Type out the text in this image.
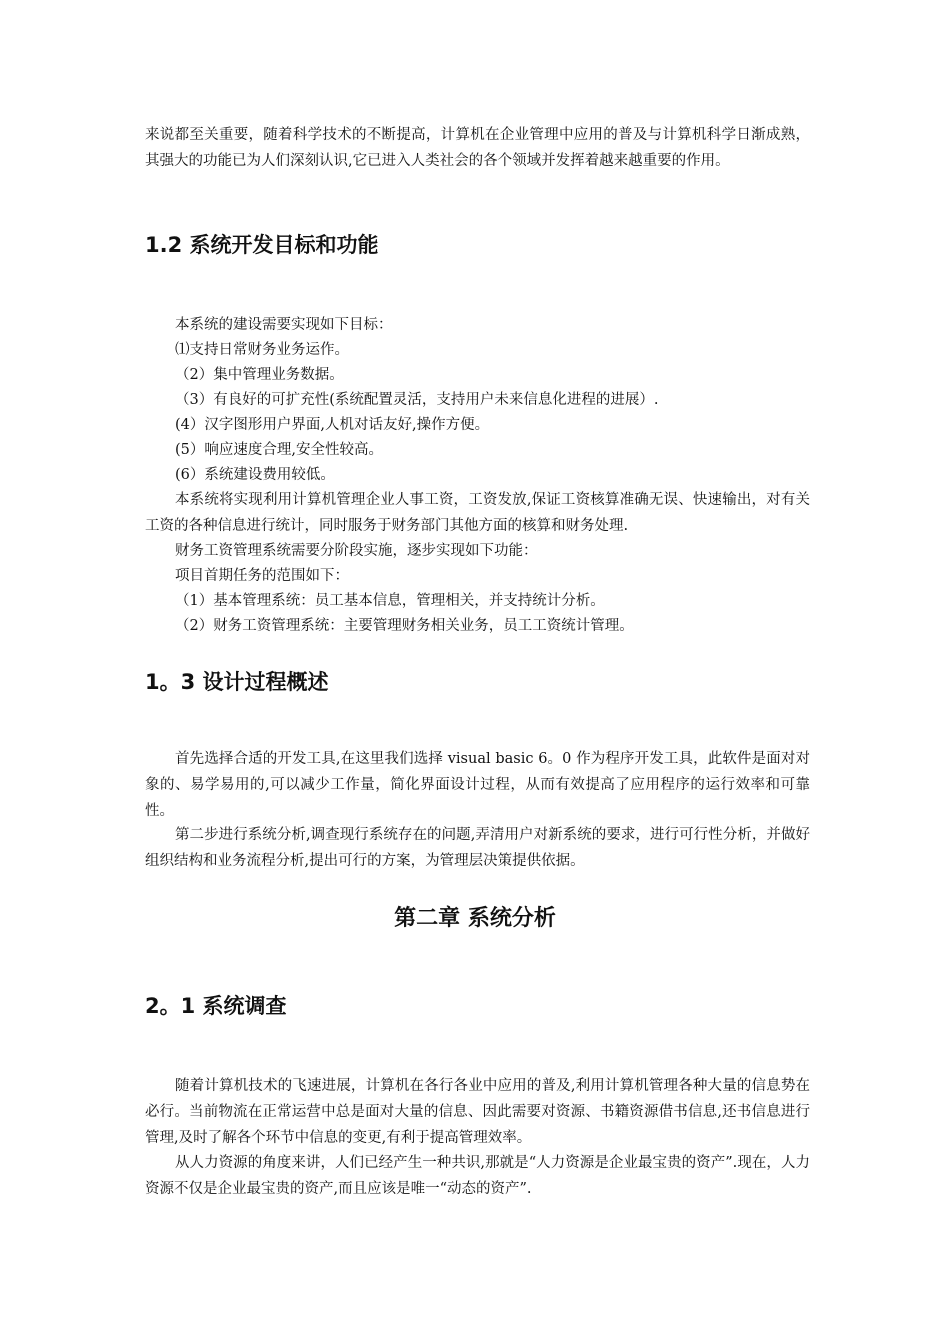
来说都至关重要，随着科学技术的不断提高，计算机在企业管理中应用的普及与计算机科学日渐成熟，其强大的功能已为人们深刻认识,它已进入人类社会的各个领域并发挥着越来越重要的作用。
1.2 系统开发目标和功能
本系统的建设需要实现如下目标：
⑴支持日常财务业务运作。
（2）集中管理业务数据。
（3）有良好的可扩充性(系统配置灵活，支持用户未来信息化进程的进展）.
(4）汉字图形用户界面,人机对话友好,操作方便。
(5）响应速度合理,安全性较高。
(6）系统建设费用较低。
本系统将实现利用计算机管理企业人事工资，工资发放,保证工资核算准确无误、快速输出，对有关工资的各种信息进行统计，同时服务于财务部门其他方面的核算和财务处理.
财务工资管理系统需要分阶段实施，逐步实现如下功能：
项目首期任务的范围如下：
（1）基本管理系统：员工基本信息，管理相关，并支持统计分析。
（2）财务工资管理系统：主要管理财务相关业务，员工工资统计管理。
1。3 设计过程概述
首先选择合适的开发工具,在这里我们选择 visual basic 6。0 作为程序开发工具，此软件是面对对象的、易学易用的,可以减少工作量，简化界面设计过程，从而有效提高了应用程序的运行效率和可靠性。
第二步进行系统分析,调查现行系统存在的问题,弄清用户对新系统的要求，进行可行性分析，并做好组织结构和业务流程分析,提出可行的方案，为管理层决策提供依据。
第二章 系统分析
2。1 系统调查
随着计算机技术的飞速进展，计算机在各行各业中应用的普及,利用计算机管理各种大量的信息势在必行。当前物流在正常运营中总是面对大量的信息、因此需要对资源、书籍资源借书信息,还书信息进行管理,及时了解各个环节中信息的变更,有利于提高管理效率。
从人力资源的角度来讲，人们已经产生一种共识,那就是“人力资源是企业最宝贵的资产”.现在，人力资源不仅是企业最宝贵的资产,而且应该是唯一“动态的资产”.
